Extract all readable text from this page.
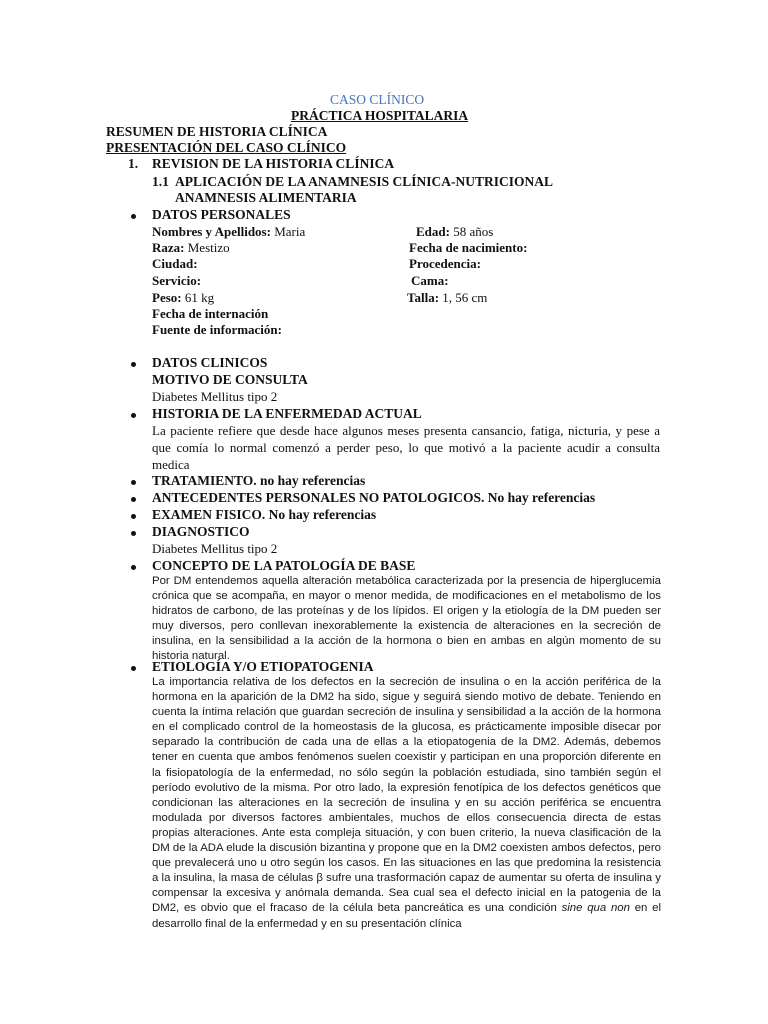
CASO CLÍNICO
PRÁCTICA HOSPITALARIA
RESUMEN DE HISTORIA CLÍNICA
PRESENTACIÓN DEL CASO CLÍNICO
1. REVISION DE LA HISTORIA CLÍNICA
1.1 APLICACIÓN DE LA ANAMNESIS CLÍNICA-NUTRICIONAL
ANAMNESIS ALIMENTARIA
DATOS PERSONALES
Nombres y Apellidos: Maria	Edad: 58 años
Raza: Mestizo	Fecha de nacimiento:
Ciudad:	Procedencia:
Servicio:	Cama:
Peso: 61 kg	Talla: 1, 56 cm
Fecha de internación
Fuente de información:
DATOS CLINICOS
MOTIVO DE CONSULTA
Diabetes Mellitus tipo 2
HISTORIA DE LA ENFERMEDAD ACTUAL
La paciente refiere que desde hace algunos meses presenta cansancio, fatiga, nicturia, y pese a que comía lo normal comenzó a perder peso, lo que motivó a la paciente acudir a consulta medica
TRATAMIENTO. no hay referencias
ANTECEDENTES PERSONALES NO PATOLOGICOS. No hay referencias
EXAMEN FISICO. No hay referencias
DIAGNOSTICO
Diabetes Mellitus tipo 2
CONCEPTO DE LA PATOLOGÍA DE BASE
Por DM entendemos aquella alteración metabólica caracterizada por la presencia de hiperglucemia crónica que se acompaña, en mayor o menor medida, de modificaciones en el metabolismo de los hidratos de carbono, de las proteínas y de los lípidos. El origen y la etiología de la DM pueden ser muy diversos, pero conllevan inexorablemente la existencia de alteraciones en la secreción de insulina, en la sensibilidad a la acción de la hormona o bien en ambas en algún momento de su historia natural.
ETIOLOGÍA Y/O ETIOPATOGENIA
La importancia relativa de los defectos en la secreción de insulina o en la acción periférica de la hormona en la aparición de la DM2 ha sido, sigue y seguirá siendo motivo de debate. Teniendo en cuenta la íntima relación que guardan secreción de insulina y sensibilidad a la acción de la hormona en el complicado control de la homeostasis de la glucosa, es prácticamente imposible disecar por separado la contribución de cada una de ellas a la etiopatogenia de la DM2. Además, debemos tener en cuenta que ambos fenómenos suelen coexistir y participan en una proporción diferente en la fisiopatología de la enfermedad, no sólo según la población estudiada, sino también según el período evolutivo de la misma. Por otro lado, la expresión fenotípica de los defectos genéticos que condicionan las alteraciones en la secreción de insulina y en su acción periférica se encuentra modulada por diversos factores ambientales, muchos de ellos consecuencia directa de estas propias alteraciones. Ante esta compleja situación, y con buen criterio, la nueva clasificación de la DM de la ADA elude la discusión bizantina y propone que en la DM2 coexisten ambos defectos, pero que prevalecerá uno u otro según los casos. En las situaciones en las que predomina la resistencia a la insulina, la masa de células β sufre una trasformación capaz de aumentar su oferta de insulina y compensar la excesiva y anómala demanda. Sea cual sea el defecto inicial en la patogenia de la DM2, es obvio que el fracaso de la célula beta pancreática es una condición sine qua non en el desarrollo final de la enfermedad y en su presentación clínica
